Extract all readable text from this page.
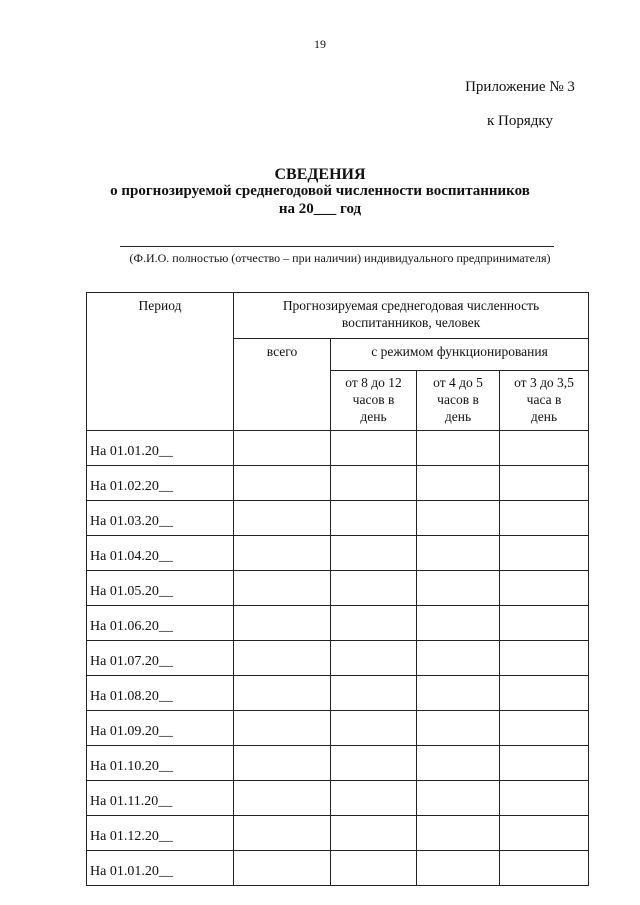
19
Приложение № 3
к Порядку
СВЕДЕНИЯ
о прогнозируемой среднегодовой численности воспитанников
на 20___ год
(Ф.И.О. полностью (отчество – при наличии) индивидуального предпринимателя)
Период	Прогнозируемая среднегодовая численность воспитанников, человек			
	всего	с режимом функционирования		
		от 8 до 12 часов в день	от 4 до 5 часов в день	от 3 до 3,5 часа в день
На 01.01.20__				
На 01.02.20__				
На 01.03.20__				
На 01.04.20__				
На 01.05.20__				
На 01.06.20__				
На 01.07.20__				
На 01.08.20__				
На 01.09.20__				
На 01.10.20__				
На 01.11.20__				
На 01.12.20__				
На 01.01.20__				
